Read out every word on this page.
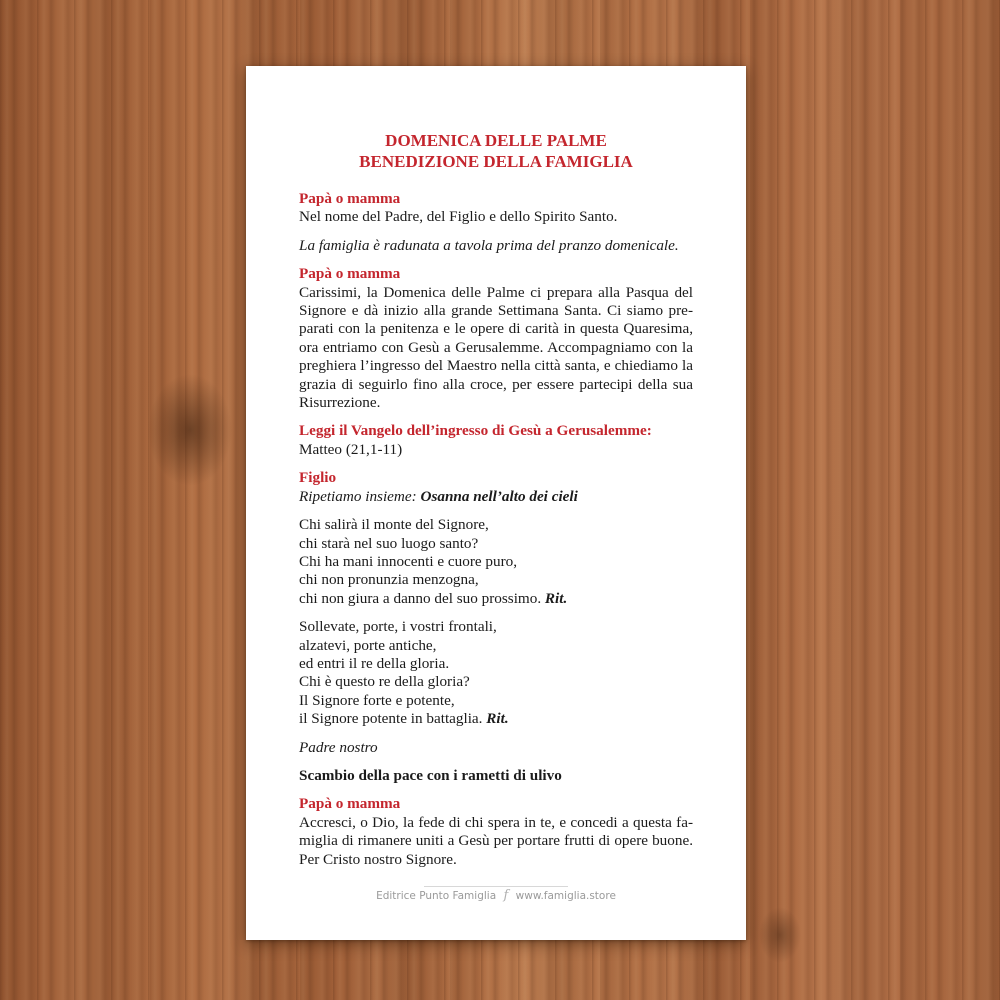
DOMENICA DELLE PALME
BENEDIZIONE DELLA FAMIGLIA

Papà o mamma

Nel nome del Padre, del Figlio e dello Spirito Santo.

La famiglia è radunata a tavola prima del pranzo domenicale.

Papà o mamma

Carissimi, la Domenica delle Palme ci prepara alla Pasqua del Signore e dà inizio alla grande Settimana Santa. Ci siamo preparati con la penitenza e le opere di carità in questa Quaresima, ora entriamo con Gesù a Gerusalemme. Accompagniamo con la preghiera l’ingresso del Maestro nella città santa, e chiediamo la grazia di seguirlo fino alla croce, per essere partecipi della sua Risurrezione.

Leggi il Vangelo dell’ingresso di Gesù a Gerusalemme:

Matteo (21,1-11)

Figlio

Ripetiamo insieme: Osanna nell’alto dei cieli

Chi salirà il monte del Signore,

chi starà nel suo luogo santo?

Chi ha mani innocenti e cuore puro,

chi non pronunzia menzogna,

chi non giura a danno del suo prossimo. Rit.

Sollevate, porte, i vostri frontali,

alzatevi, porte antiche,

ed entri il re della gloria.

Chi è questo re della gloria?

Il Signore forte e potente,

il Signore potente in battaglia. Rit.

Padre nostro

Scambio della pace con i rametti di ulivo

Papà o mamma

Accresci, o Dio, la fede di chi spera in te, e concedi a questa famiglia di rimanere uniti a Gesù per portare frutti di opere buone. Per Cristo nostro Signore.

Editrice Punto Famiglia f www.famiglia.store
